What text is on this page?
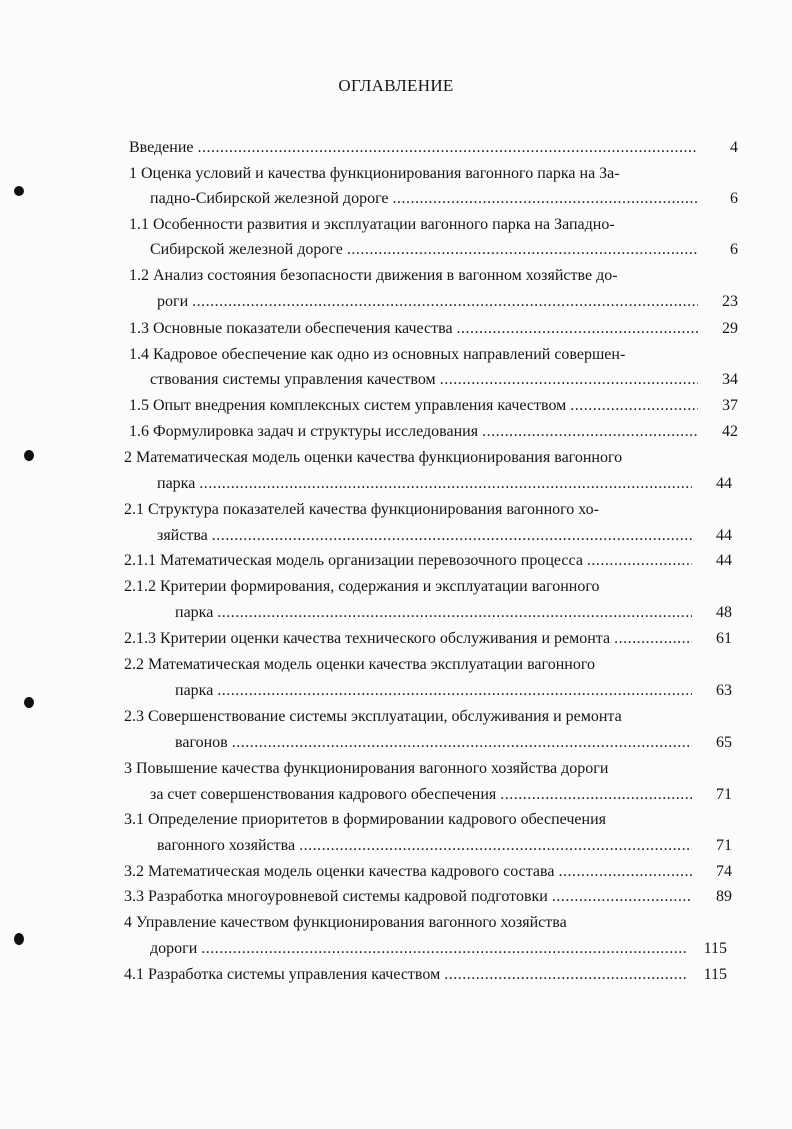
ОГЛАВЛЕНИЕ
Введение .....	4
1 Оценка условий и качества функционирования вагонного парка на За-
падно-Сибирской железной дороге .....	6
1.1 Особенности развития и эксплуатации вагонного парка на Западно-
Сибирской железной дороге .....	6
1.2 Анализ состояния безопасности движения в вагонном хозяйстве до-
роги .....	23
1.3 Основные показатели обеспечения качества .....	29
1.4 Кадровое обеспечение как одно из основных направлений совершен-
ствования системы управления качеством .....	34
1.5 Опыт внедрения комплексных систем управления качеством .....	37
1.6 Формулировка задач и структуры исследования .....	42
2 Математическая модель оценки качества функционирования вагонного
парка .....	44
2.1 Структура показателей качества функционирования вагонного хо-
зяйства .....	44
2.1.1 Математическая модель организации перевозочного процесса .....	44
2.1.2 Критерии формирования, содержания и эксплуатации вагонного
парка .....	48
2.1.3 Критерии оценки качества технического обслуживания и ремонта .....	61
2.2 Математическая модель оценки качества эксплуатации вагонного
парка .....	63
2.3 Совершенствование системы эксплуатации, обслуживания и ремонта
вагонов .....	65
3 Повышение качества функционирования вагонного хозяйства дороги
за счет совершенствования кадрового обеспечения .....	71
3.1 Определение приоритетов в формировании кадрового обеспечения
вагонного хозяйства .....	71
3.2 Математическая модель оценки качества кадрового состава .....	74
3.3 Разработка многоуровневой системы кадровой подготовки .....	89
4 Управление качеством функционирования вагонного хозяйства
дороги .....	115
4.1 Разработка системы управления качеством .....	115
